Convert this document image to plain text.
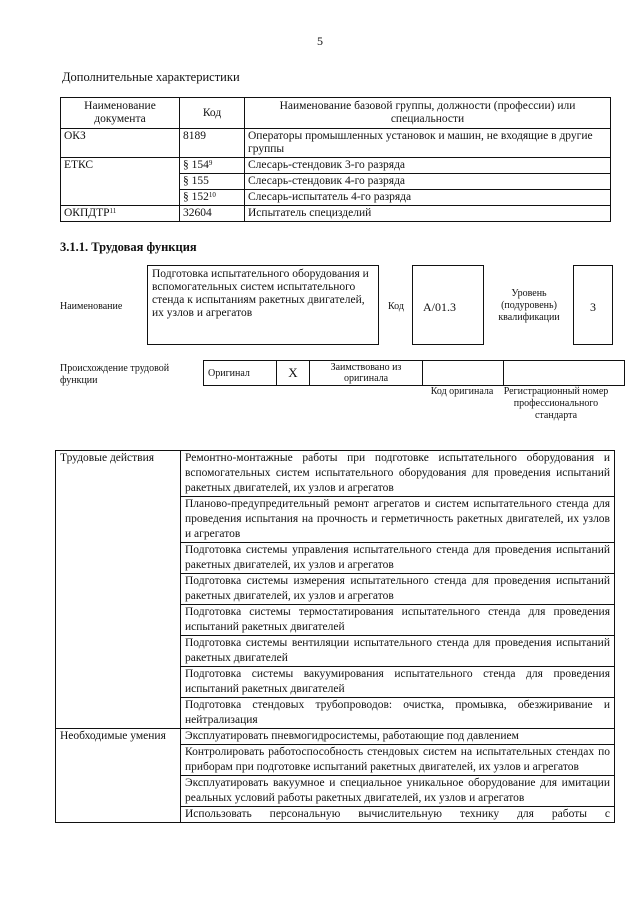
5
Дополнительные характеристики
Наименование документа	Код	Наименование базовой группы, должности (профессии) или специальности
ОКЗ	8189	Операторы промышленных установок и машин, не входящие в другие группы
ЕТКС	§ $154^9$	Слесарь-стендовик 3-го разряда
	§ 155	Слесарь-стендовик 4-го разряда
	§ $152^{10}$	Слесарь-испытатель 4-го разряда
ОКПДТР$^{11}$	32604	Испытатель специзделий
3.1.1. Трудовая функция
Наименование
Подготовка испытательного оборудования и вспомогательных систем испытательного стенда к испытаниям ракетных двигателей, их узлов и агрегатов
Код	A/01.3
Уровень (подуровень) квалификации
3
Происхождение трудовой функции
Оригинал	X	Заимствовано из оригинала		
Код оригинала	Регистрационный номер профессионального стандарта
Трудовые действия	Ремонтно-монтажные работы при подготовке испытательного оборудования и вспомогательных систем испытательного оборудования для проведения испытаний ракетных двигателей, их узлов и агрегатов
	Планово-предупредительный ремонт агрегатов и систем испытательного стенда для проведения испытания на прочность и герметичность ракетных двигателей, их узлов и агрегатов
	Подготовка системы управления испытательного стенда для проведения испытаний ракетных двигателей, их узлов и агрегатов
	Подготовка системы измерения испытательного стенда для проведения испытаний ракетных двигателей, их узлов и агрегатов
	Подготовка системы термостатирования испытательного стенда для проведения испытаний ракетных двигателей
	Подготовка системы вентиляции испытательного стенда для проведения испытаний ракетных двигателей
	Подготовка системы вакуумирования испытательного стенда для проведения испытаний ракетных двигателей
	Подготовка стендовых трубопроводов: очистка, промывка, обезжиривание и нейтрализация
Необходимые умения	Эксплуатировать пневмогидросистемы, работающие под давлением
	Контролировать работоспособность стендовых систем на испытательных стендах по приборам при подготовке испытаний ракетных двигателей, их узлов и агрегатов
	Эксплуатировать вакуумное и специальное уникальное оборудование для имитации реальных условий работы ракетных двигателей, их узлов и агрегатов
	Использовать персональную вычислительную технику для работы с
